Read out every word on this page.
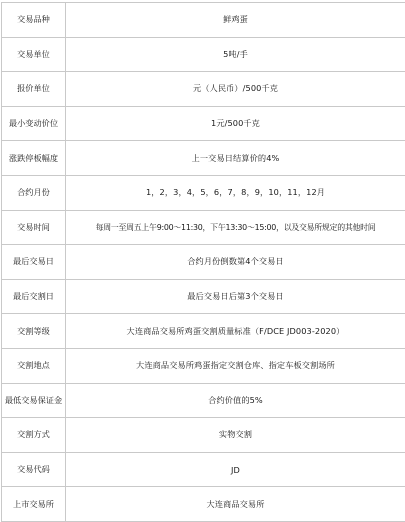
交易品种	鲜鸡蛋
交易单位	5吨/手
报价单位	元（人民币）/500千克
最小变动价位	1元/500千克
涨跌停板幅度	上一交易日结算价的4%
合约月份	1，2，3，4，5，6，7，8，9，10，11，12月
交易时间	每周一至周五上午9:00～11:30，下午13:30～15:00，以及交易所规定的其他时间
最后交易日	合约月份倒数第4个交易日
最后交割日	最后交易日后第3个交易日
交割等级	大连商品交易所鸡蛋交割质量标准（F/DCE JD003-2020）
交割地点	大连商品交易所鸡蛋指定交割仓库、指定车板交割场所
最低交易保证金	合约价值的5%
交割方式	实物交割
交易代码	JD
上市交易所	大连商品交易所
